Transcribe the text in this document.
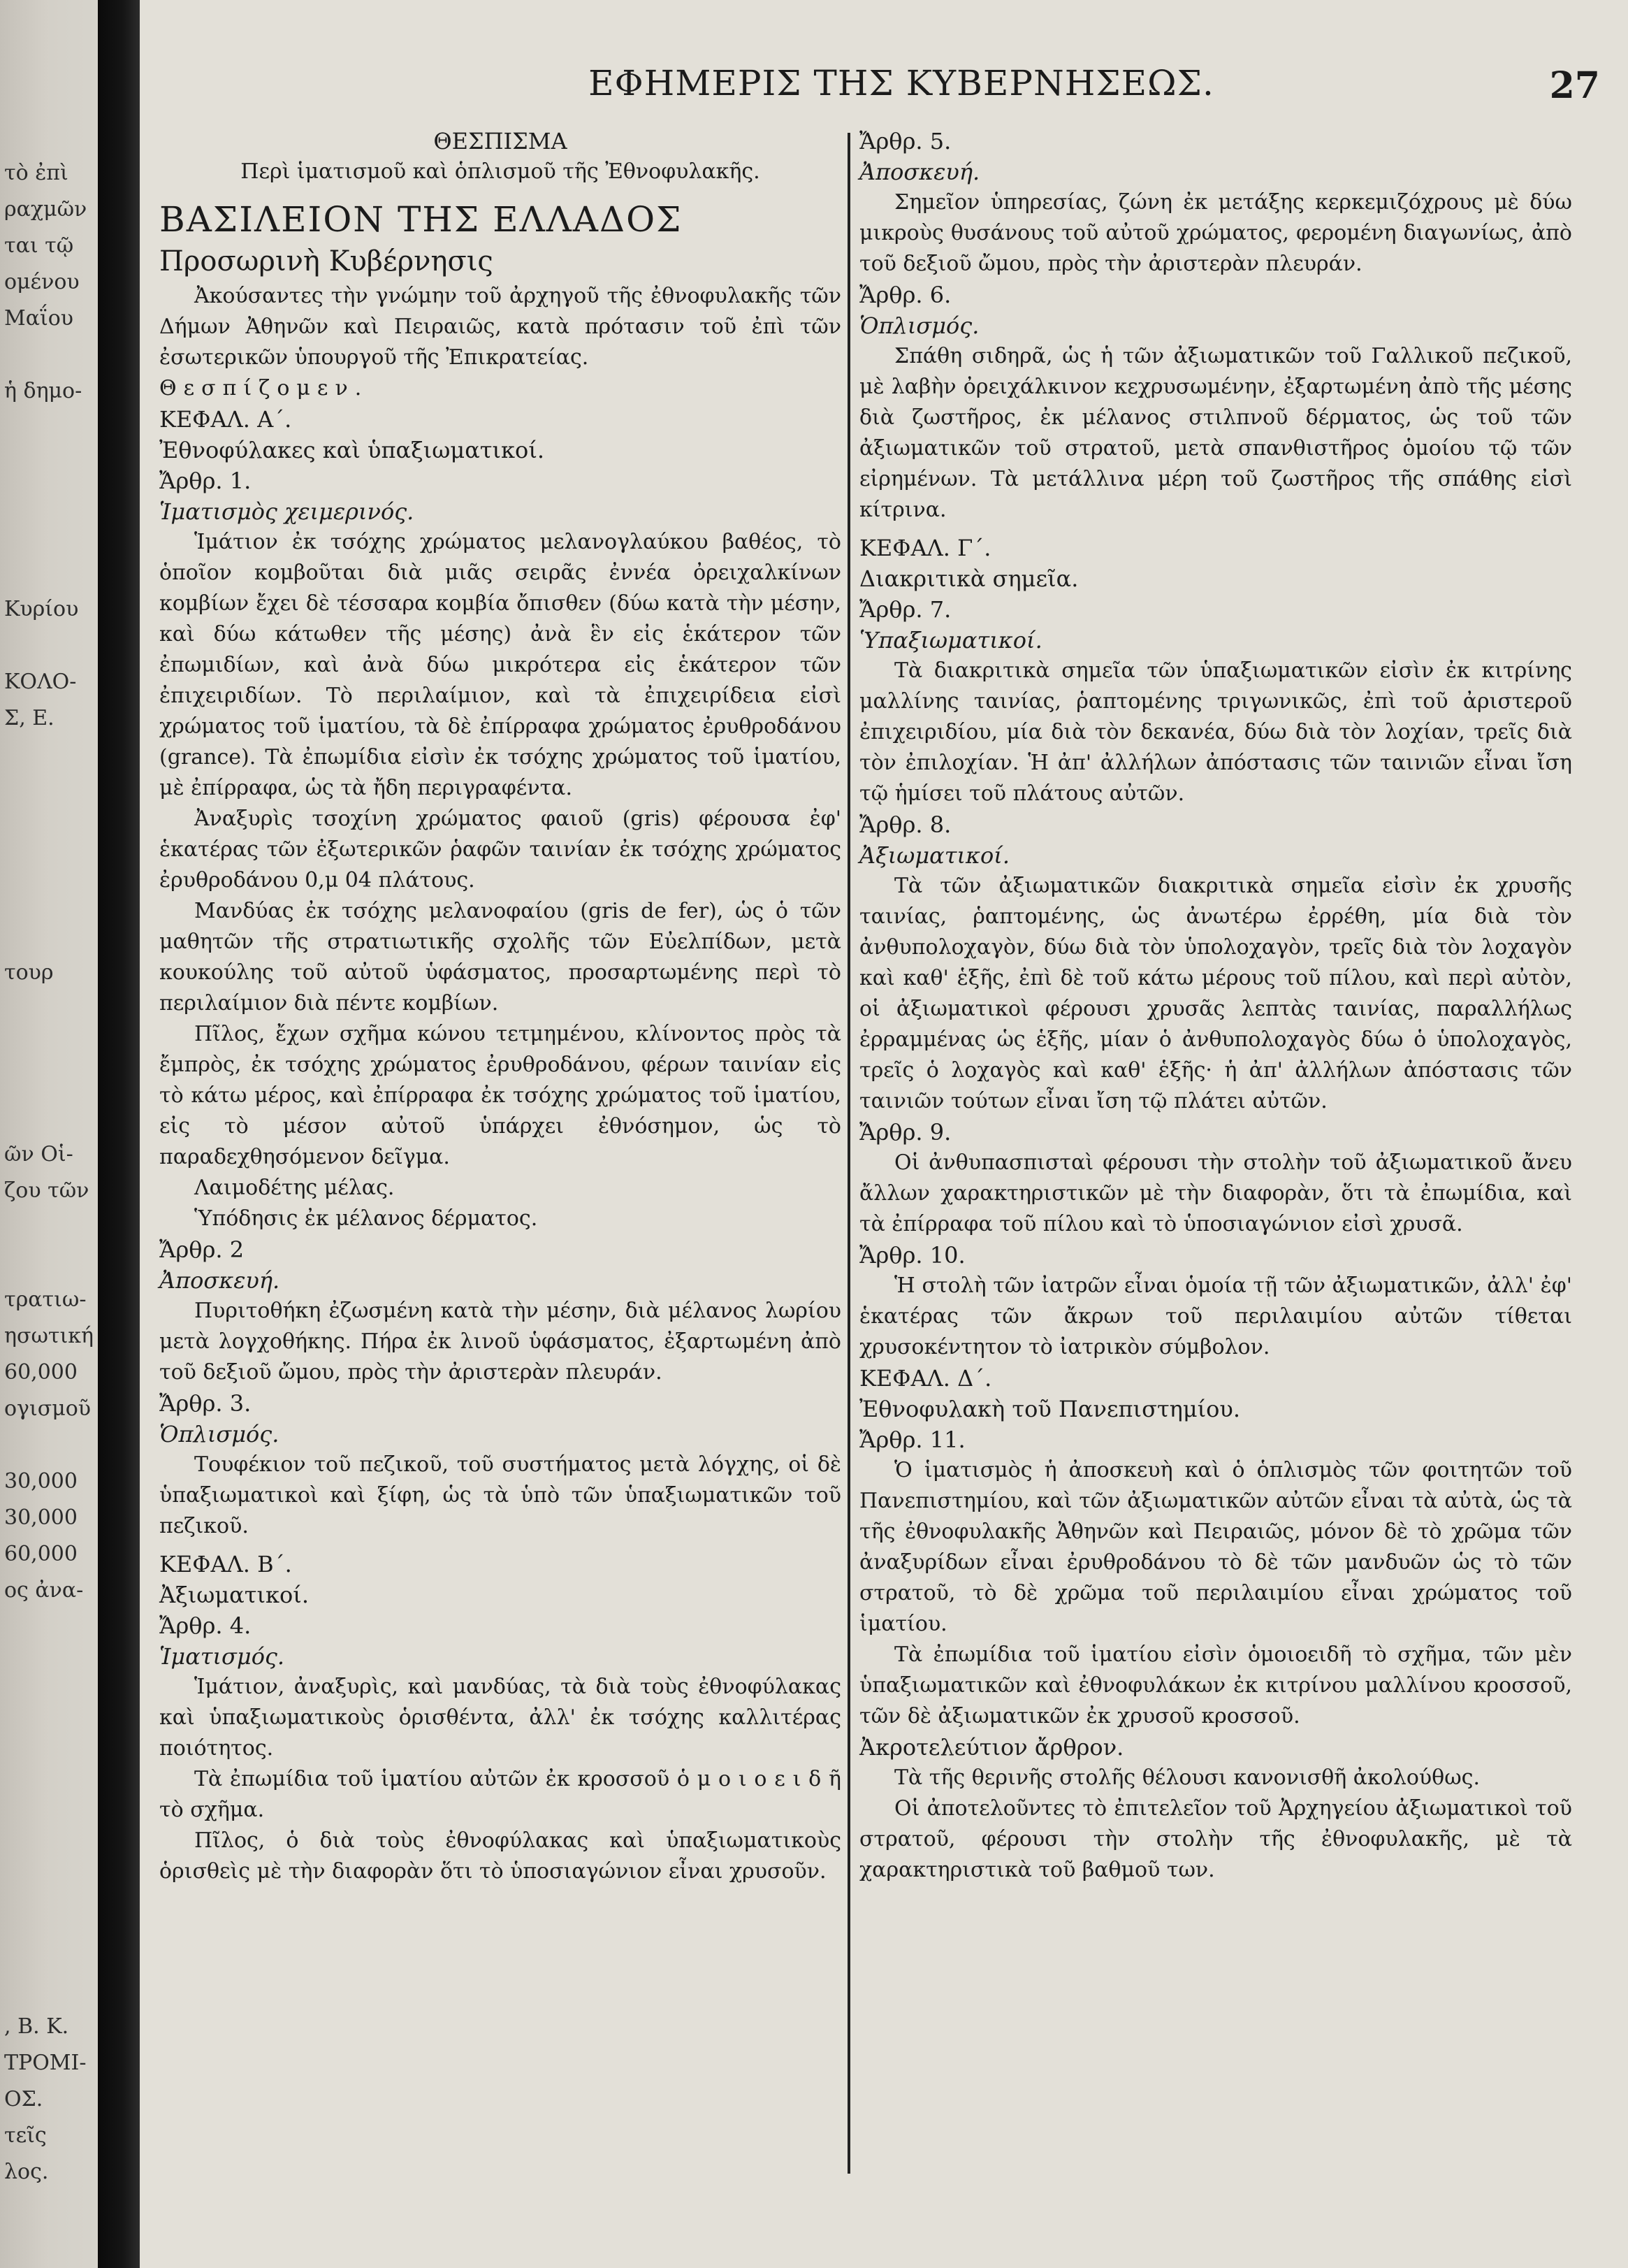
τὸ ἐπὶ
ραχμῶν
ται τῷ
ομένου
Μαΐου
ἡ δημο-
Κυρίου
ΚΟΛΟ-
Σ, Ε.
τουρ
ῶν Οἱ-
ζου τῶν
τρατιω-
ησωτική
60,000
ογισμοῦ
30,000
30,000
60,000
ος ἀνα-
, Β. Κ.
ΤΡΟΜΙ-
ΟΣ.
τεῖς
λος.
ΕΦΗΜΕΡΙΣ ΤΗΣ ΚΥΒΕΡΝΗΣΕΩΣ.	27

ΘΕΣΠΙΣΜΑ

Περὶ ἱματισμοῦ καὶ ὁπλισμοῦ τῆς Ἐθνοφυλακῆς.

ΒΑΣΙΛΕΙΟΝ ΤΗΣ ΕΛΛΑΔΟΣ

Προσωρινὴ Κυβέρνησις

Ἀκούσαντες τὴν γνώμην τοῦ ἀρχηγοῦ τῆς ἐθνοφυλακῆς τῶν Δήμων Ἀθηνῶν καὶ Πειραιῶς, κατὰ πρότασιν τοῦ ἐπὶ τῶν ἐσωτερικῶν ὑπουργοῦ τῆς Ἐπικρατείας.

Θεσπίζομεν.

ΚΕΦΑΛ. Α΄.

Ἐθνοφύλακες καὶ ὑπαξιωματικοί.

Ἄρθρ. 1.

Ἱματισμὸς χειμερινός.

Ἱμάτιον ἐκ τσόχης χρώματος μελανογλαύκου βαθέος, τὸ ὁποῖον κομβοῦται διὰ μιᾶς σειρᾶς ἐννέα ὀρειχαλκίνων κομβίων ἔχει δὲ τέσσαρα κομβία ὄπισθεν (δύω κατὰ τὴν μέσην, καὶ δύω κάτωθεν τῆς μέσης) ἀνὰ ἓν εἰς ἑκάτερον τῶν ἐπωμιδίων, καὶ ἀνὰ δύω μικρότερα εἰς ἑκάτερον τῶν ἐπιχειριδίων. Τὸ περιλαίμιον, καὶ τὰ ἐπιχειρίδεια εἰσὶ χρώματος τοῦ ἱματίου, τὰ δὲ ἐπίρραφα χρώματος ἐρυθροδάνου (grance). Τὰ ἐπωμίδια εἰσὶν ἐκ τσόχης χρώματος τοῦ ἱματίου, μὲ ἐπίρραφα, ὡς τὰ ἤδη περιγραφέντα.

Ἀναξυρὶς τσοχίνη χρώματος φαιοῦ (gris) φέρουσα ἐφ' ἑκατέρας τῶν ἐξωτερικῶν ῥαφῶν ταινίαν ἐκ τσόχης χρώματος ἐρυθροδάνου 0,μ 04 πλάτους.

Μανδύας ἐκ τσόχης μελανοφαίου (gris de fer), ὡς ὁ τῶν μαθητῶν τῆς στρατιωτικῆς σχολῆς τῶν Εὐελπίδων, μετὰ κουκούλης τοῦ αὐτοῦ ὑφάσματος, προσαρτωμένης περὶ τὸ περιλαίμιον διὰ πέντε κομβίων.

Πῖλος, ἔχων σχῆμα κώνου τετμημένου, κλίνοντος πρὸς τὰ ἔμπρὸς, ἐκ τσόχης χρώματος ἐρυθροδάνου, φέρων ταινίαν εἰς τὸ κάτω μέρος, καὶ ἐπίρραφα ἐκ τσόχης χρώματος τοῦ ἱματίου, εἰς τὸ μέσον αὐτοῦ ὑπάρχει ἐθνόσημον, ὡς τὸ παραδεχθησόμενον δεῖγμα.

Λαιμοδέτης μέλας.

Ὑπόδησις ἐκ μέλανος δέρματος.

Ἄρθρ. 2

Ἀποσκευή.

Πυριτοθήκη ἐζωσμένη κατὰ τὴν μέσην, διὰ μέλανος λωρίου μετὰ λογχοθήκης. Πήρα ἐκ λινοῦ ὑφάσματος, ἐξαρτωμένη ἀπὸ τοῦ δεξιοῦ ὤμου, πρὸς τὴν ἀριστερὰν πλευράν.

Ἄρθρ. 3.

Ὁπλισμός.

Τουφέκιον τοῦ πεζικοῦ, τοῦ συστήματος μετὰ λόγχης, οἱ δὲ ὑπαξιωματικοὶ καὶ ξίφη, ὡς τὰ ὑπὸ τῶν ὑπαξιωματικῶν τοῦ πεζικοῦ.

ΚΕΦΑΛ. Β΄.

Ἀξιωματικοί.

Ἄρθρ. 4.

Ἱματισμός.

Ἱμάτιον, ἀναξυρὶς, καὶ μανδύας, τὰ διὰ τοὺς ἐθνοφύλακας καὶ ὑπαξιωματικοὺς ὁρισθέντα, ἀλλ' ἐκ τσόχης καλλιτέρας ποιότητος.

Τὰ ἐπωμίδια τοῦ ἱματίου αὐτῶν ἐκ κροσσοῦ ὁ μ ο ι ο ε ι δ ῆ τὸ σχῆμα.

Πῖλος, ὁ διὰ τοὺς ἐθνοφύλακας καὶ ὑπαξιωματικοὺς ὁρισθεὶς μὲ τὴν διαφορὰν ὅτι τὸ ὑποσιαγώνιον εἶναι χρυσοῦν.

Ἄρθρ. 5.

Ἀποσκευή.

Σημεῖον ὑπηρεσίας, ζώνη ἐκ μετάξης κερκεμιζόχρους μὲ δύω μικροὺς θυσάνους τοῦ αὐτοῦ χρώματος, φερομένη διαγωνίως, ἀπὸ τοῦ δεξιοῦ ὤμου, πρὸς τὴν ἀριστερὰν πλευράν.

Ἄρθρ. 6.

Ὁπλισμός.

Σπάθη σιδηρᾶ, ὡς ἡ τῶν ἀξιωματικῶν τοῦ Γαλλικοῦ πεζικοῦ, μὲ λαβὴν ὀρειχάλκινον κεχρυσωμένην, ἐξαρτωμένη ἀπὸ τῆς μέσης διὰ ζωστῆρος, ἐκ μέλανος στιλπνοῦ δέρματος, ὡς τοῦ τῶν ἀξιωματικῶν τοῦ στρατοῦ, μετὰ σπανθιστῆρος ὁμοίου τῷ τῶν εἰρημένων. Τὰ μετάλλινα μέρη τοῦ ζωστῆρος τῆς σπάθης εἰσὶ κίτρινα.

ΚΕΦΑΛ. Γ΄.

Διακριτικὰ σημεῖα.

Ἄρθρ. 7.

Ὑπαξιωματικοί.

Τὰ διακριτικὰ σημεῖα τῶν ὑπαξιωματικῶν εἰσὶν ἐκ κιτρίνης μαλλίνης ταινίας, ῥαπτομένης τριγωνικῶς, ἐπὶ τοῦ ἀριστεροῦ ἐπιχειριδίου, μία διὰ τὸν δεκανέα, δύω διὰ τὸν λοχίαν, τρεῖς διὰ τὸν ἐπιλοχίαν. Ἡ ἀπ' ἀλλήλων ἀπόστασις τῶν ταινιῶν εἶναι ἴση τῷ ἡμίσει τοῦ πλάτους αὐτῶν.

Ἄρθρ. 8.

Ἀξιωματικοί.

Τὰ τῶν ἀξιωματικῶν διακριτικὰ σημεῖα εἰσὶν ἐκ χρυσῆς ταινίας, ῥαπτομένης, ὡς ἀνωτέρω ἐρρέθη, μία διὰ τὸν ἀνθυπολοχαγὸν, δύω διὰ τὸν ὑπολοχαγὸν, τρεῖς διὰ τὸν λοχαγὸν καὶ καθ' ἑξῆς, ἐπὶ δὲ τοῦ κάτω μέρους τοῦ πίλου, καὶ περὶ αὐτὸν, οἱ ἀξιωματικοὶ φέρουσι χρυσᾶς λεπτὰς ταινίας, παραλλήλως ἐρραμμένας ὡς ἑξῆς, μίαν ὁ ἀνθυπολοχαγὸς δύω ὁ ὑπολοχαγὸς, τρεῖς ὁ λοχαγὸς καὶ καθ' ἑξῆς· ἡ ἀπ' ἀλλήλων ἀπόστασις τῶν ταινιῶν τούτων εἶναι ἴση τῷ πλάτει αὐτῶν.

Ἄρθρ. 9.

Οἱ ἀνθυπασπισταὶ φέρουσι τὴν στολὴν τοῦ ἀξιωματικοῦ ἄνευ ἄλλων χαρακτηριστικῶν μὲ τὴν διαφορὰν, ὅτι τὰ ἐπωμίδια, καὶ τὰ ἐπίρραφα τοῦ πίλου καὶ τὸ ὑποσιαγώνιον εἰσὶ χρυσᾶ.

Ἄρθρ. 10.

Ἡ στολὴ τῶν ἰατρῶν εἶναι ὁμοία τῇ τῶν ἀξιωματικῶν, ἀλλ' ἐφ' ἑκατέρας τῶν ἄκρων τοῦ περιλαιμίου αὐτῶν τίθεται χρυσοκέντητον τὸ ἰατρικὸν σύμβολον.

ΚΕΦΑΛ. Δ΄.

Ἐθνοφυλακὴ τοῦ Πανεπιστημίου.

Ἄρθρ. 11.

Ὁ ἱματισμὸς ἡ ἀποσκευὴ καὶ ὁ ὁπλισμὸς τῶν φοιτητῶν τοῦ Πανεπιστημίου, καὶ τῶν ἀξιωματικῶν αὐτῶν εἶναι τὰ αὐτὰ, ὡς τὰ τῆς ἐθνοφυλακῆς Ἀθηνῶν καὶ Πειραιῶς, μόνον δὲ τὸ χρῶμα τῶν ἀναξυρίδων εἶναι ἐρυθροδάνου τὸ δὲ τῶν μανδυῶν ὡς τὸ τῶν στρατοῦ, τὸ δὲ χρῶμα τοῦ περιλαιμίου εἶναι χρώματος τοῦ ἱματίου.

Τὰ ἐπωμίδια τοῦ ἱματίου εἰσὶν ὁμοιοειδῆ τὸ σχῆμα, τῶν μὲν ὑπαξιωματικῶν καὶ ἐθνοφυλάκων ἐκ κιτρίνου μαλλίνου κροσσοῦ, τῶν δὲ ἀξιωματικῶν ἐκ χρυσοῦ κροσσοῦ.

Ἀκροτελεύτιον ἄρθρον.

Τὰ τῆς θερινῆς στολῆς θέλουσι κανονισθῆ ἀκολούθως.

Οἱ ἀποτελοῦντες τὸ ἐπιτελεῖον τοῦ Ἀρχηγείου ἀξιωματικοὶ τοῦ στρατοῦ, φέρουσι τὴν στολὴν τῆς ἐθνοφυλακῆς, μὲ τὰ χαρακτηριστικὰ τοῦ βαθμοῦ των.
